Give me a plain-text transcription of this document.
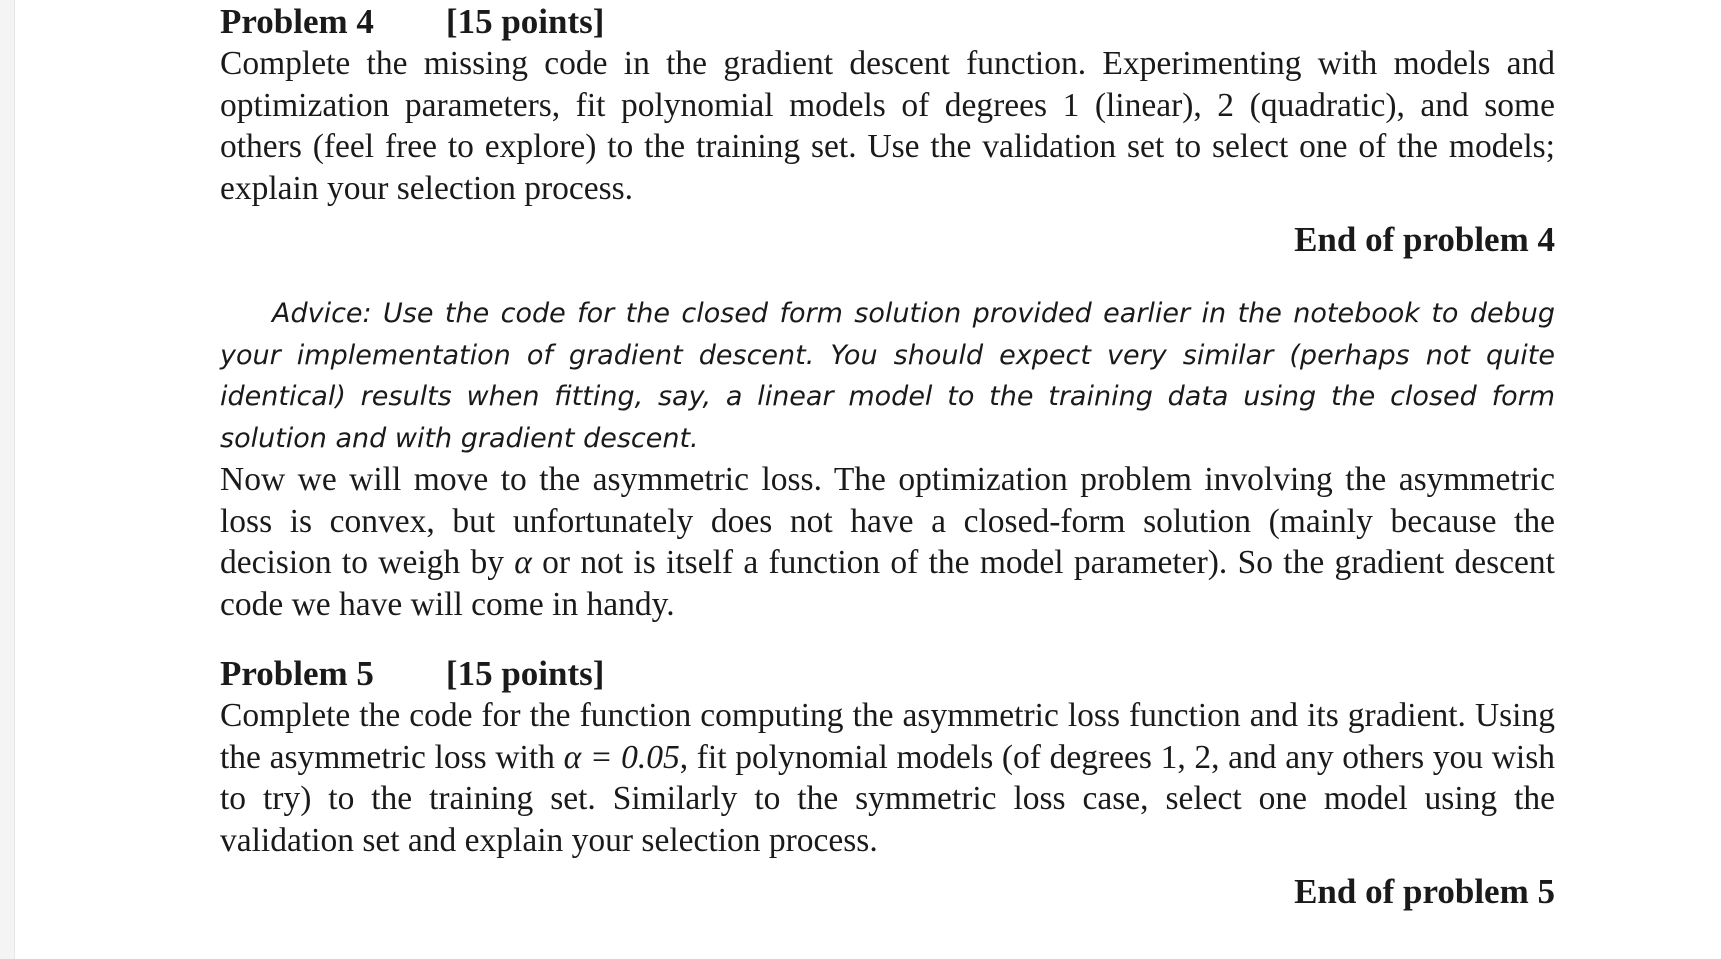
Problem 4 [15 points]

Complete the missing code in the gradient descent function. Experimenting with models and optimization parameters, fit polynomial models of degrees 1 (linear), 2 (quadratic), and some others (feel free to explore) to the training set. Use the validation set to select one of the models; explain your selection process.

End of problem 4

Advice: Use the code for the closed form solution provided earlier in the notebook to debug your implementation of gradient descent. You should expect very similar (perhaps not quite identical) results when fitting, say, a linear model to the training data using the closed form solution and with gradient descent.

Now we will move to the asymmetric loss. The optimization problem involving the asymmetric loss is convex, but unfortunately does not have a closed-form solution (mainly because the decision to weigh by α or not is itself a function of the model parameter). So the gradient descent code we have will come in handy.

Problem 5 [15 points]

Complete the code for the function computing the asymmetric loss function and its gradient. Using the asymmetric loss with α = 0.05, fit polynomial models (of degrees 1, 2, and any others you wish to try) to the training set. Similarly to the symmetric loss case, select one model using the validation set and explain your selection process.

End of problem 5
